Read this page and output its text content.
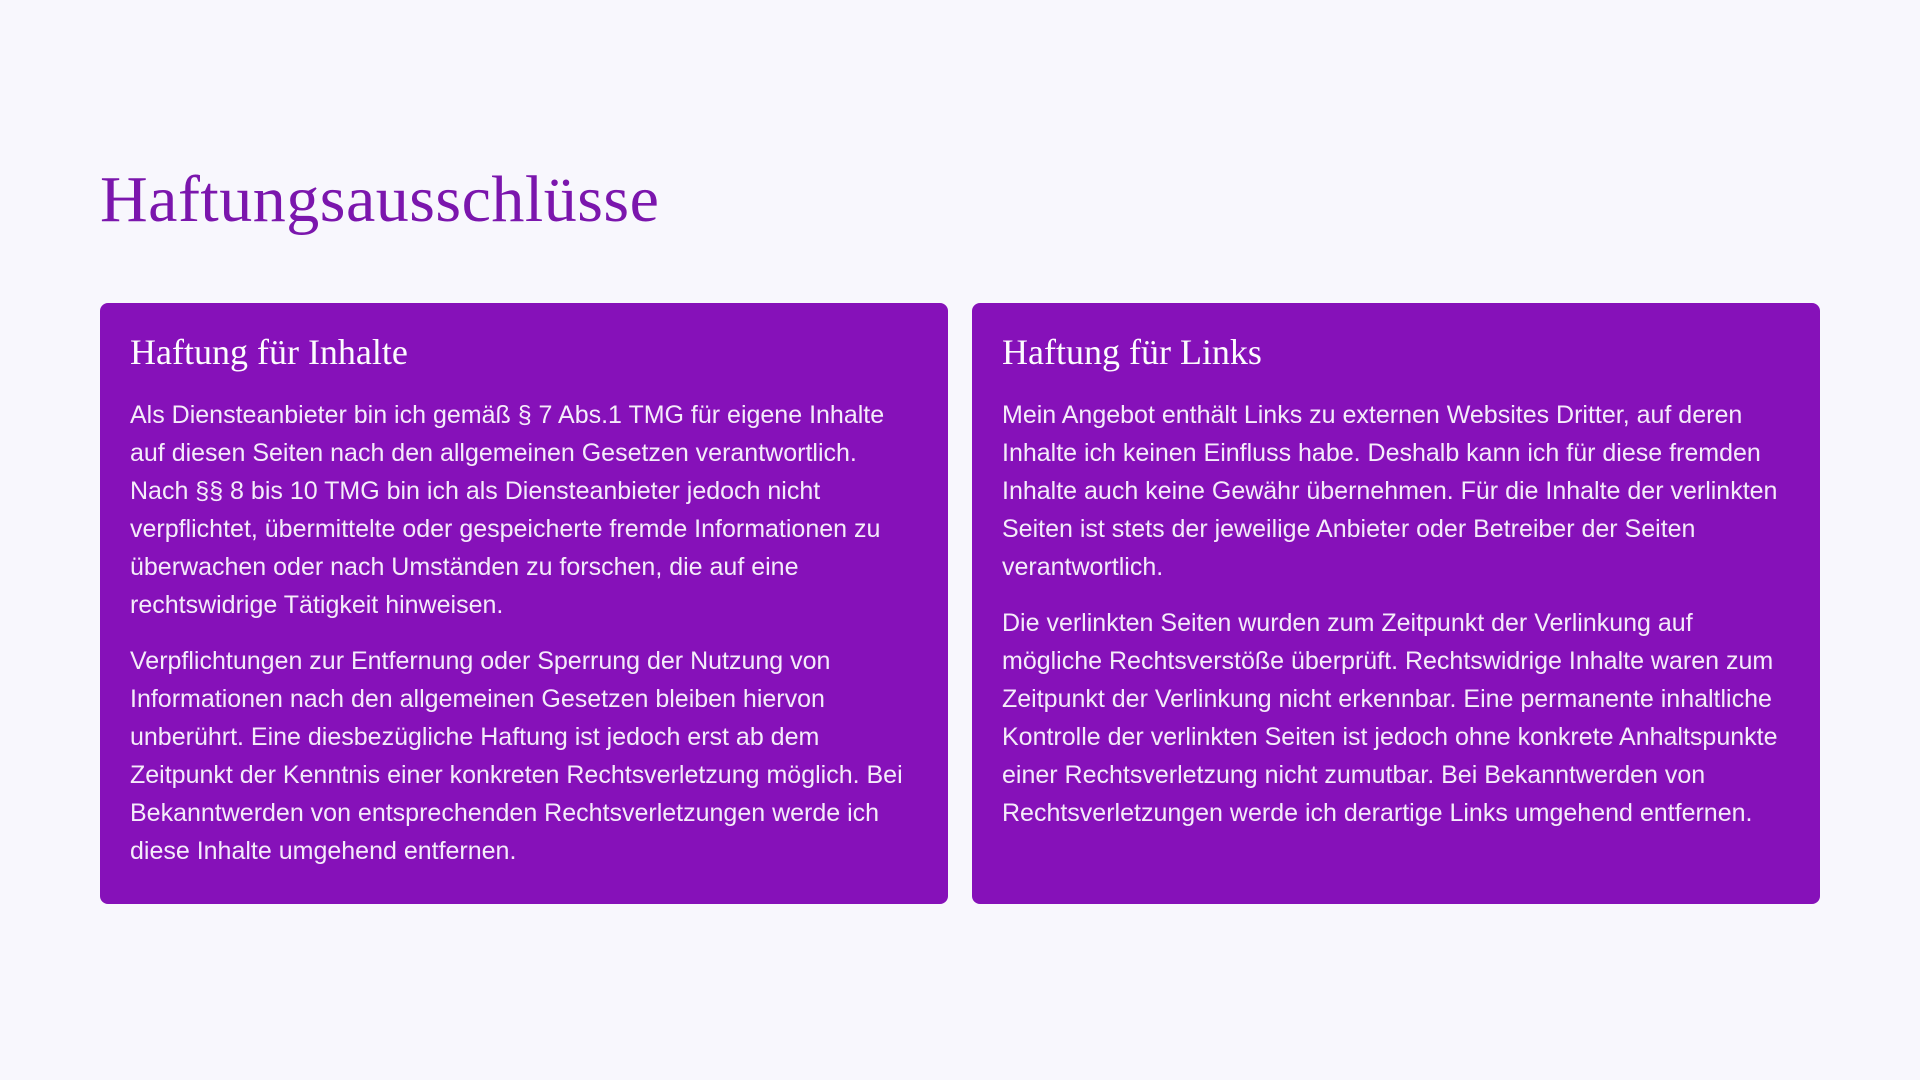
Haftungsausschlüsse
Haftung für Inhalte

Als Diensteanbieter bin ich gemäß § 7 Abs.1 TMG für eigene Inhalte auf diesen Seiten nach den allgemeinen Gesetzen verantwortlich. Nach §§ 8 bis 10 TMG bin ich als Diensteanbieter jedoch nicht verpflichtet, übermittelte oder gespeicherte fremde Informationen zu überwachen oder nach Umständen zu forschen, die auf eine rechtswidrige Tätigkeit hinweisen.

Verpflichtungen zur Entfernung oder Sperrung der Nutzung von Informationen nach den allgemeinen Gesetzen bleiben hiervon unberührt. Eine diesbezügliche Haftung ist jedoch erst ab dem Zeitpunkt der Kenntnis einer konkreten Rechtsverletzung möglich. Bei Bekanntwerden von entsprechenden Rechtsverletzungen werde ich diese Inhalte umgehend entfernen.

Haftung für Links

Mein Angebot enthält Links zu externen Websites Dritter, auf deren Inhalte ich keinen Einfluss habe. Deshalb kann ich für diese fremden Inhalte auch keine Gewähr übernehmen. Für die Inhalte der verlinkten Seiten ist stets der jeweilige Anbieter oder Betreiber der Seiten verantwortlich.

Die verlinkten Seiten wurden zum Zeitpunkt der Verlinkung auf mögliche Rechtsverstöße überprüft. Rechtswidrige Inhalte waren zum Zeitpunkt der Verlinkung nicht erkennbar. Eine permanente inhaltliche Kontrolle der verlinkten Seiten ist jedoch ohne konkrete Anhaltspunkte einer Rechtsverletzung nicht zumutbar. Bei Bekanntwerden von Rechtsverletzungen werde ich derartige Links umgehend entfernen.
